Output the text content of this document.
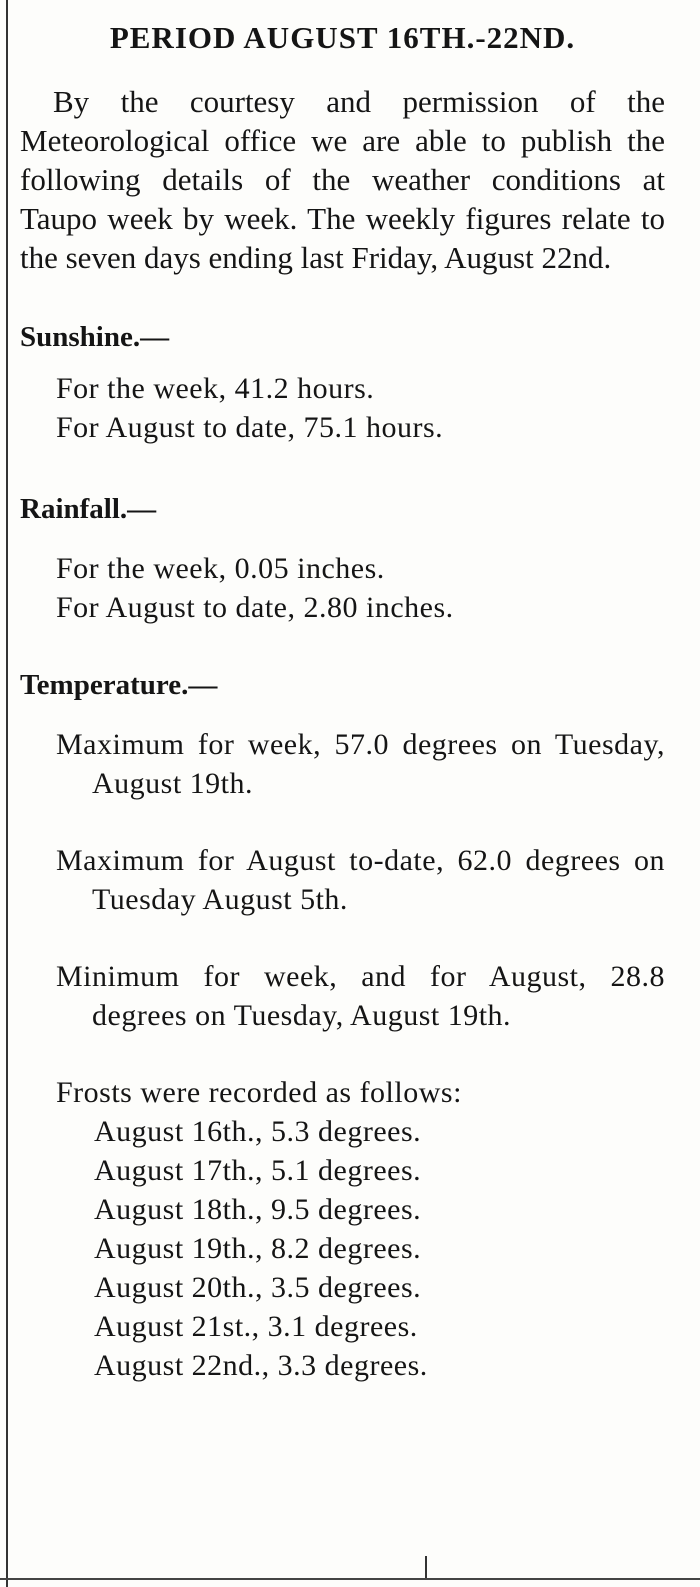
PERIOD AUGUST 16TH.-22ND.

By the courtesy and permission of the Meteorological office we are able to publish the following details of the weather conditions at Taupo week by week. The weekly figures relate to the seven days ending last Friday, August 22nd.

Sunshine.—
For the week, 41.2 hours.
For August to date, 75.1 hours.
Rainfall.—
For the week, 0.05 inches.
For August to date, 2.80 inches.
Temperature.—
Maximum for week, 57.0 degrees on Tuesday, August 19th.
Maximum for August to-date, 62.0 degrees on Tuesday August 5th.
Minimum for week, and for August, 28.8 degrees on Tuesday, August 19th.
Frosts were recorded as follows:
August 16th., 5.3 degrees.
August 17th., 5.1 degrees.
August 18th., 9.5 degrees.
August 19th., 8.2 degrees.
August 20th., 3.5 degrees.
August 21st., 3.1 degrees.
August 22nd., 3.3 degrees.
